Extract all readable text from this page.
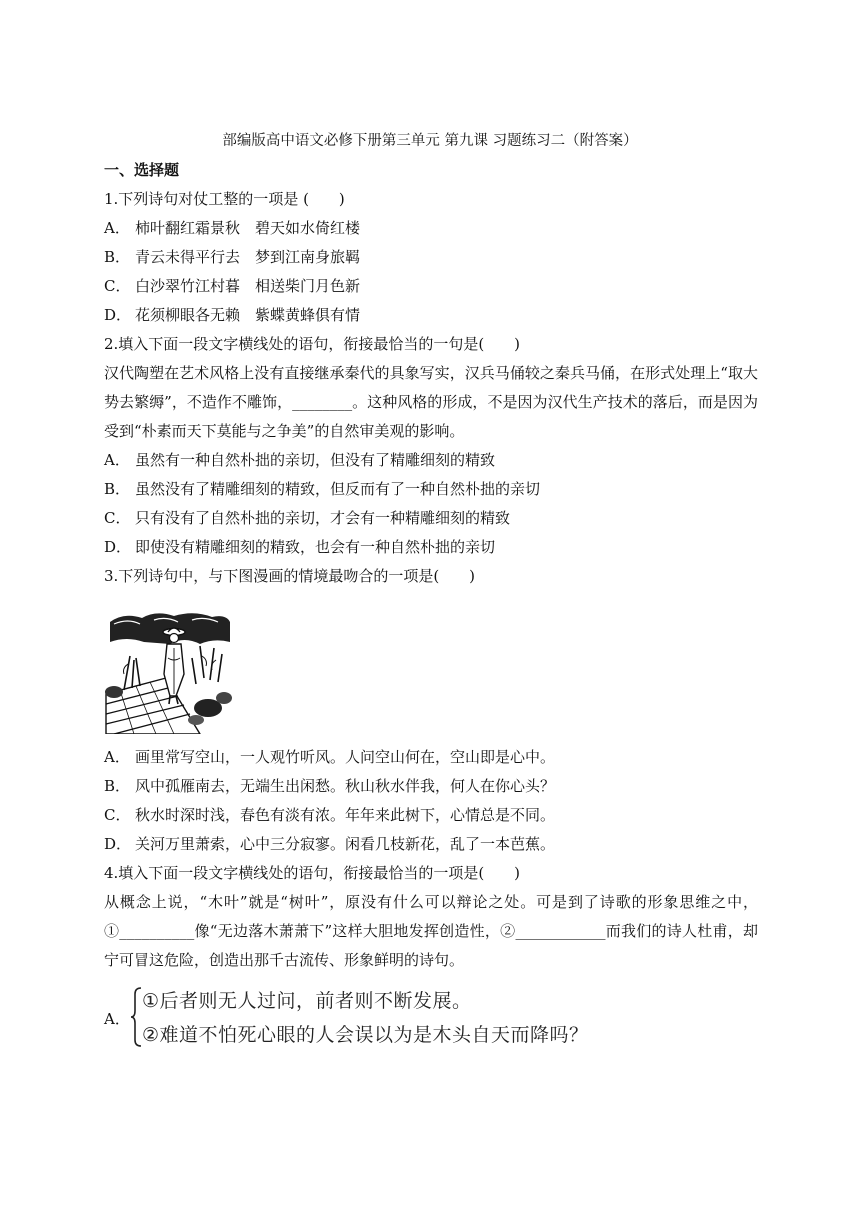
部编版高中语文必修下册第三单元 第九课 习题练习二（附答案）
一、选择题
1.下列诗句对仗工整的一项是 (　　)
A． 柿叶翻红霜景秋　碧天如水倚红楼
B． 青云未得平行去　梦到江南身旅羁
C． 白沙翠竹江村暮　相送柴门月色新
D． 花须柳眼各无赖　紫蝶黄蜂俱有情
2.填入下面一段文字横线处的语句，衔接最恰当的一句是(　　)
汉代陶塑在艺术风格上没有直接继承秦代的具象写实，汉兵马俑较之秦兵马俑，在形式处理上“取大势去繁缛”，不造作不雕饰，________。这种风格的形成，不是因为汉代生产技术的落后，而是因为受到“朴素而天下莫能与之争美”的自然审美观的影响。
A． 虽然有一种自然朴拙的亲切，但没有了精雕细刻的精致
B． 虽然没有了精雕细刻的精致，但反而有了一种自然朴拙的亲切
C． 只有没有了自然朴拙的亲切，才会有一种精雕细刻的精致
D． 即使没有精雕细刻的精致，也会有一种自然朴拙的亲切
3.下列诗句中，与下图漫画的情境最吻合的一项是(　　)
A． 画里常写空山，一人观竹听风。人问空山何在，空山即是心中。
B． 风中孤雁南去，无端生出闲愁。秋山秋水伴我，何人在你心头？
C． 秋水时深时浅，春色有淡有浓。年年来此树下，心情总是不同。
D． 关河万里萧索，心中三分寂寥。闲看几枝新花，乱了一本芭蕉。
4.填入下面一段文字横线处的语句，衔接最恰当的一项是(　　)
从概念上说，“木叶”就是“树叶”，原没有什么可以辩论之处。可是到了诗歌的形象思维之中，①__________像“无边落木萧萧下”这样大胆地发挥创造性，②____________而我们的诗人杜甫，却宁可冒这危险，创造出那千古流传、形象鲜明的诗句。
A．
①后者则无人过问，前者则不断发展。
②难道不怕死心眼的人会误以为是木头自天而降吗？
